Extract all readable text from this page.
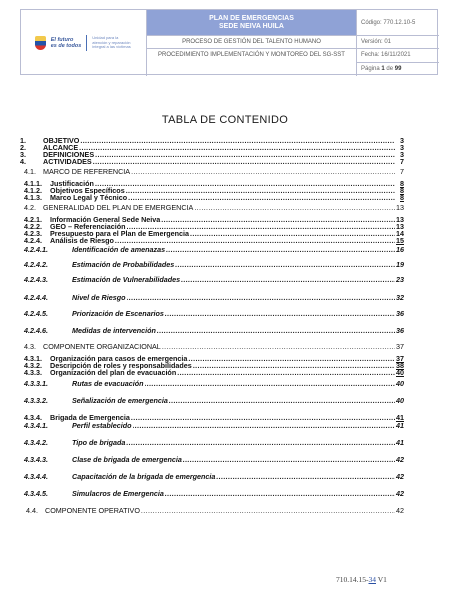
El futuro
es de todos
Unidad para la atención y reparación integral a las víctimas
PLAN DE EMERGENCIAS
SEDE NEIVA HUILA
PROCESO DE GESTIÓN DEL TALENTO HUMANO
PROCEDIMIENTO IMPLEMENTACIÓN Y MONITOREO DEL SG-SST
Código: 770.12.10-5
Versión: 01
Fecha: 16/11/2021
Página 1 de 99
TABLA DE CONTENIDO
1.	OBJETIVO .....	3
2.	ALCANCE .....	3
3.	DEFINICIONES .....	3
4.	ACTIVIDADES .....	7
4.1. MARCO DE REFERENCIA .....	7
4.1.1.	Justificación .....	8
4.1.2.	Objetivos Específicos .....	8
4.1.3.	Marco Legal y Técnico .....	8
4.2. GENERALIDAD DEL PLAN DE EMERGENCIA .....	13
4.2.1.	Información General Sede Neiva .....	13
4.2.2.	GEO – Referenciación .....	13
4.2.3.	Presupuesto para el Plan de Emergencia .....	14
4.2.4.	Análisis de Riesgo .....	15
4.2.4.1.	Identificación de amenazas .....	16
4.2.4.2.	Estimación de Probabilidades .....	19
4.2.4.3.	Estimación de Vulnerabilidades .....	23
4.2.4.4.	Nivel de Riesgo .....	32
4.2.4.5.	Priorización de Escenarios .....	36
4.2.4.6.	Medidas de intervención .....	36
4.3. COMPONENTE ORGANIZACIONAL .....	37
4.3.1.	Organización para casos de emergencia .....	37
4.3.2.	Descripción de roles y responsabilidades .....	38
4.3.3.	Organización del plan de evacuación .....	40
4.3.3.1.	Rutas de evacuación .....	40
4.3.3.2.	Señalización de emergencia .....	40
4.3.4.	Brigada de Emergencia .....	41
4.3.4.1.	Perfil establecido .....	41
4.3.4.2.	Tipo de brigada .....	41
4.3.4.3.	Clase de brigada de emergencia .....	42
4.3.4.4.	Capacitación de la brigada de emergencia .....	42
4.3.4.5.	Simulacros de Emergencia .....	42
4.4. COMPONENTE OPERATIVO .....	42
710.14.15-34 V1
